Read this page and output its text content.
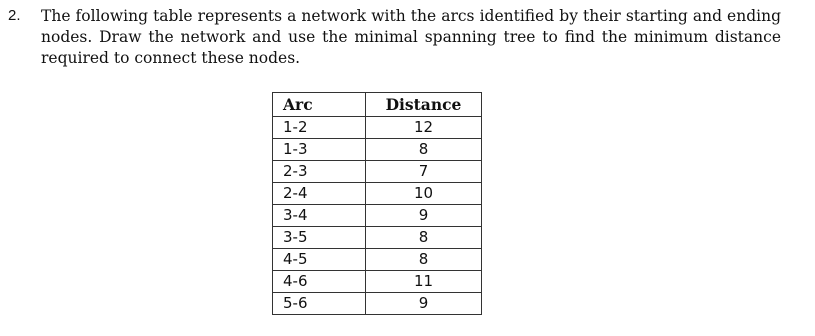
2. The following table represents a network with the arcs identified by their starting and ending nodes. Draw the network and use the minimal spanning tree to find the minimum distance required to connect these nodes.
Arc	Distance
1-2	12
1-3	8
2-3	7
2-4	10
3-4	9
3-5	8
4-5	8
4-6	11
5-6	9
